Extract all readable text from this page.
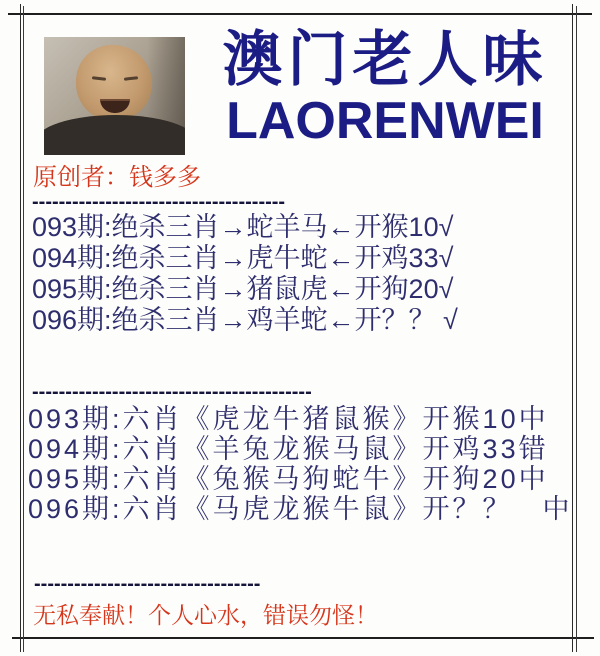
澳门老人味
LAORENWEI
原创者：钱多多
--------------------------------------
093期:绝杀三肖→蛇羊马←开猴10√
094期:绝杀三肖→虎牛蛇←开鸡33√
095期:绝杀三肖→猪鼠虎←开狗20√
096期:绝杀三肖→鸡羊蛇←开？？ √
------------------------------------------
093期:六肖《虎龙牛猪鼠猴》开猴10中
094期:六肖《羊兔龙猴马鼠》开鸡33错
095期:六肖《兔猴马狗蛇牛》开狗20中
096期:六肖《马虎龙猴牛鼠》开？？　中
----------------------------------
无私奉献！个人心水，错误勿怪！
